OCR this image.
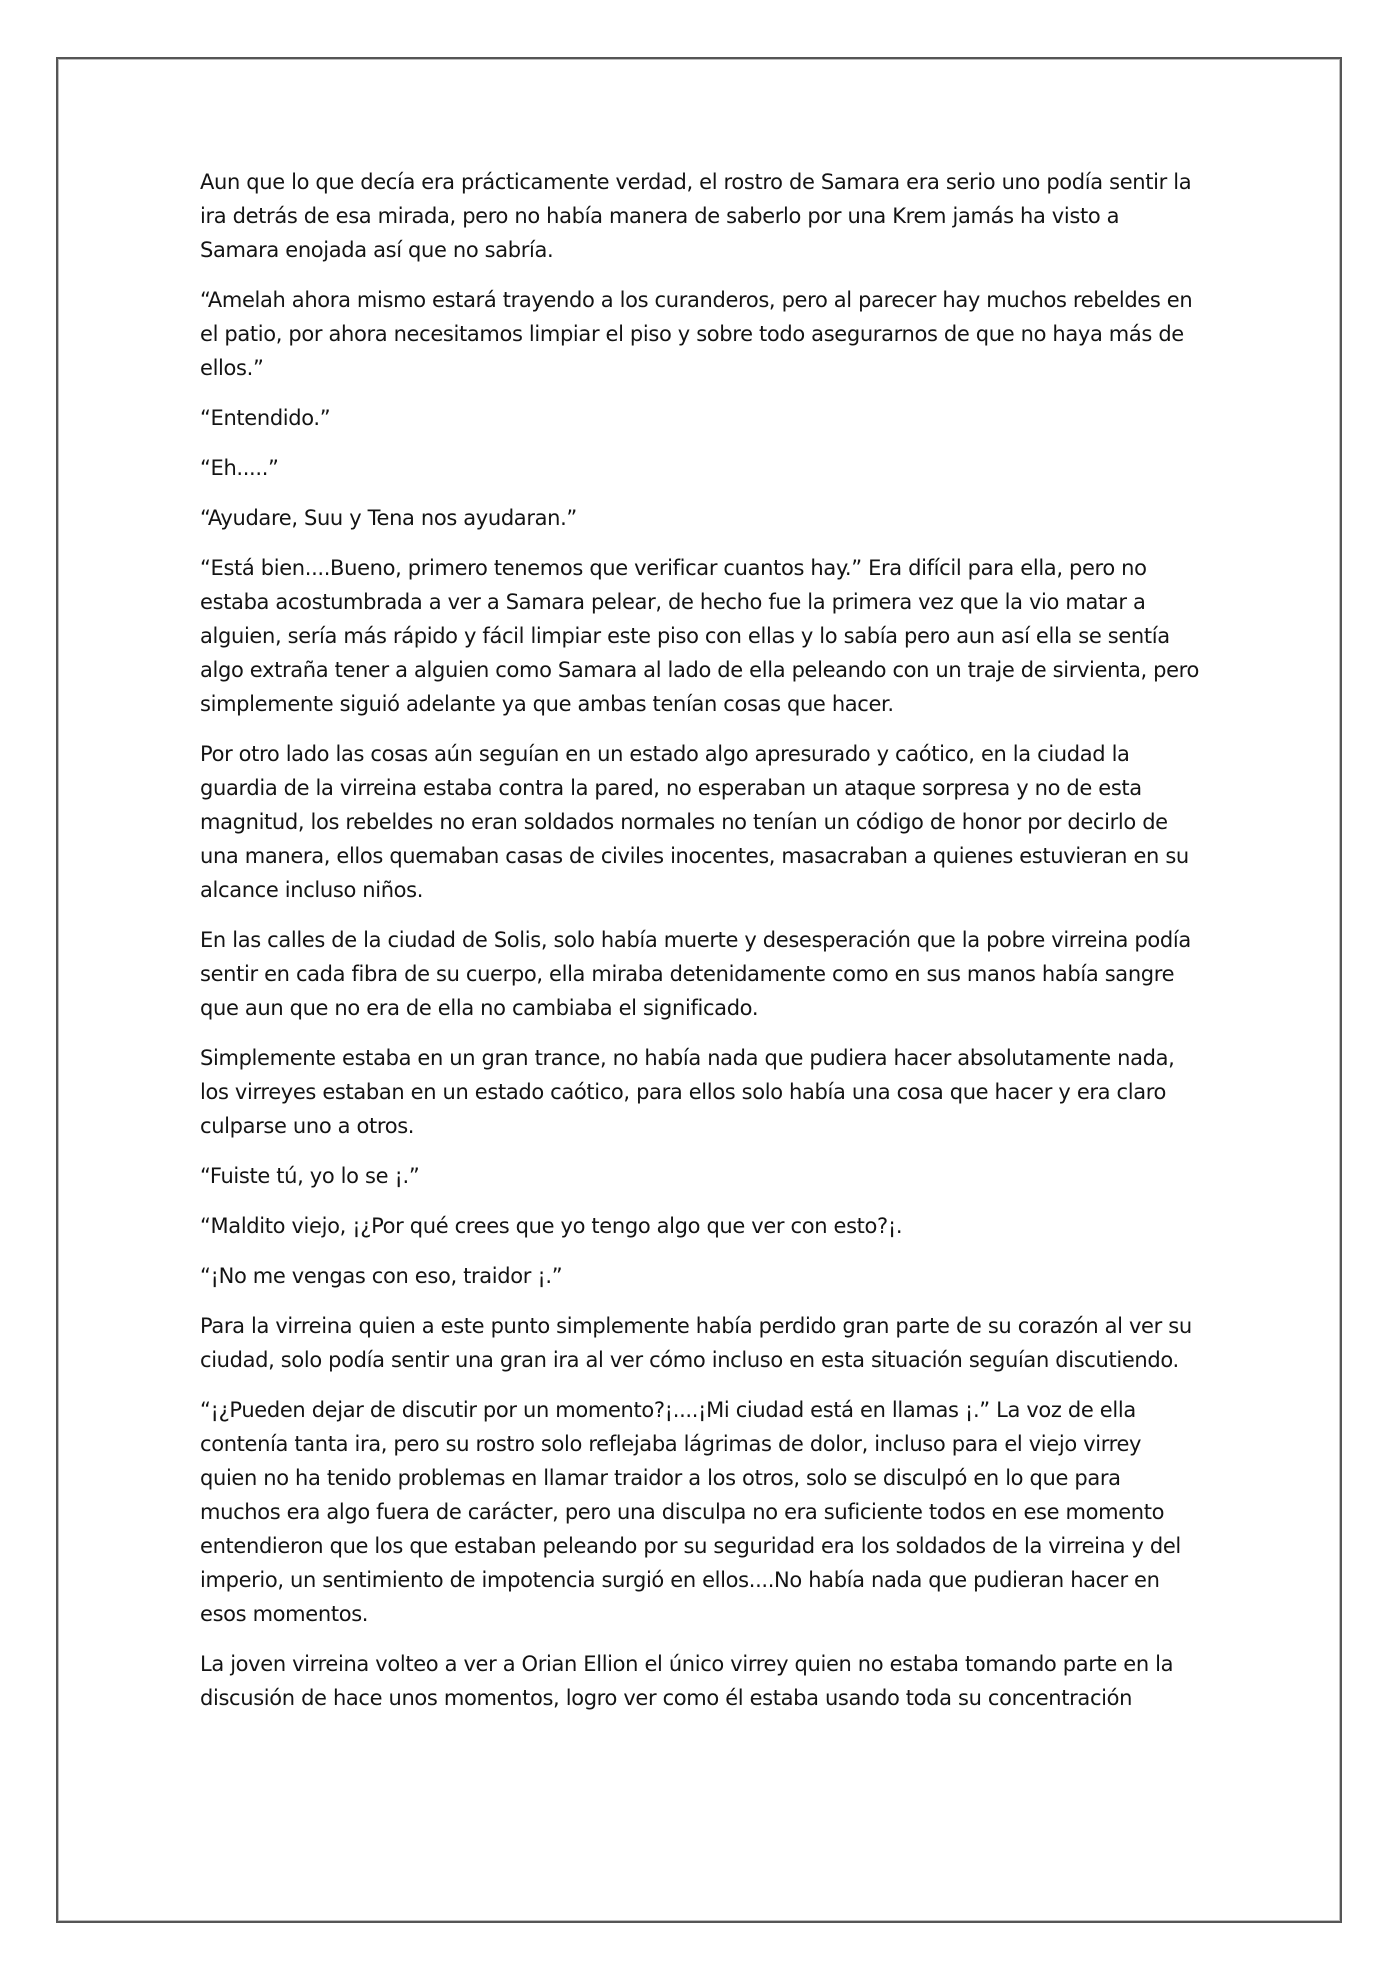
Aun que lo que decía era prácticamente verdad, el rostro de Samara era serio uno podía sentir la ira detrás de esa mirada, pero no había manera de saberlo por una Krem jamás ha visto a Samara enojada así que no sabría.

“Amelah ahora mismo estará trayendo a los curanderos, pero al parecer hay muchos rebeldes en el patio, por ahora necesitamos limpiar el piso y sobre todo asegurarnos de que no haya más de ellos.”

“Entendido.”

“Eh.....”

“Ayudare, Suu y Tena nos ayudaran.”

“Está bien....Bueno, primero tenemos que verificar cuantos hay.” Era difícil para ella, pero no estaba acostumbrada a ver a Samara pelear, de hecho fue la primera vez que la vio matar a alguien, sería más rápido y fácil limpiar este piso con ellas y lo sabía pero aun así ella se sentía algo extraña tener a alguien como Samara al lado de ella peleando con un traje de sirvienta, pero simplemente siguió adelante ya que ambas tenían cosas que hacer.

Por otro lado las cosas aún seguían en un estado algo apresurado y caótico, en la ciudad la guardia de la virreina estaba contra la pared, no esperaban un ataque sorpresa y no de esta magnitud, los rebeldes no eran soldados normales no tenían un código de honor por decirlo de una manera, ellos quemaban casas de civiles inocentes, masacraban a quienes estuvieran en su alcance incluso niños.

En las calles de la ciudad de Solis, solo había muerte y desesperación que la pobre virreina podía sentir en cada fibra de su cuerpo, ella miraba detenidamente como en sus manos había sangre que aun que no era de ella no cambiaba el significado.

Simplemente estaba en un gran trance, no había nada que pudiera hacer absolutamente nada, los virreyes estaban en un estado caótico, para ellos solo había una cosa que hacer y era claro culparse uno a otros.

“Fuiste tú, yo lo se ¡.”

“Maldito viejo, ¡¿Por qué crees que yo tengo algo que ver con esto?¡.

“¡No me vengas con eso, traidor ¡.”

Para la virreina quien a este punto simplemente había perdido gran parte de su corazón al ver su ciudad, solo podía sentir una gran ira al ver cómo incluso en esta situación seguían discutiendo.

“¡¿Pueden dejar de discutir por un momento?¡....¡Mi ciudad está en llamas ¡.” La voz de ella contenía tanta ira, pero su rostro solo reflejaba lágrimas de dolor, incluso para el viejo virrey quien no ha tenido problemas en llamar traidor a los otros, solo se disculpó en lo que para muchos era algo fuera de carácter, pero una disculpa no era suficiente todos en ese momento entendieron que los que estaban peleando por su seguridad era los soldados de la virreina y del imperio, un sentimiento de impotencia surgió en ellos....No había nada que pudieran hacer en esos momentos.

La joven virreina volteo a ver a Orian Ellion el único virrey quien no estaba tomando parte en la discusión de hace unos momentos, logro ver como él estaba usando toda su concentración
